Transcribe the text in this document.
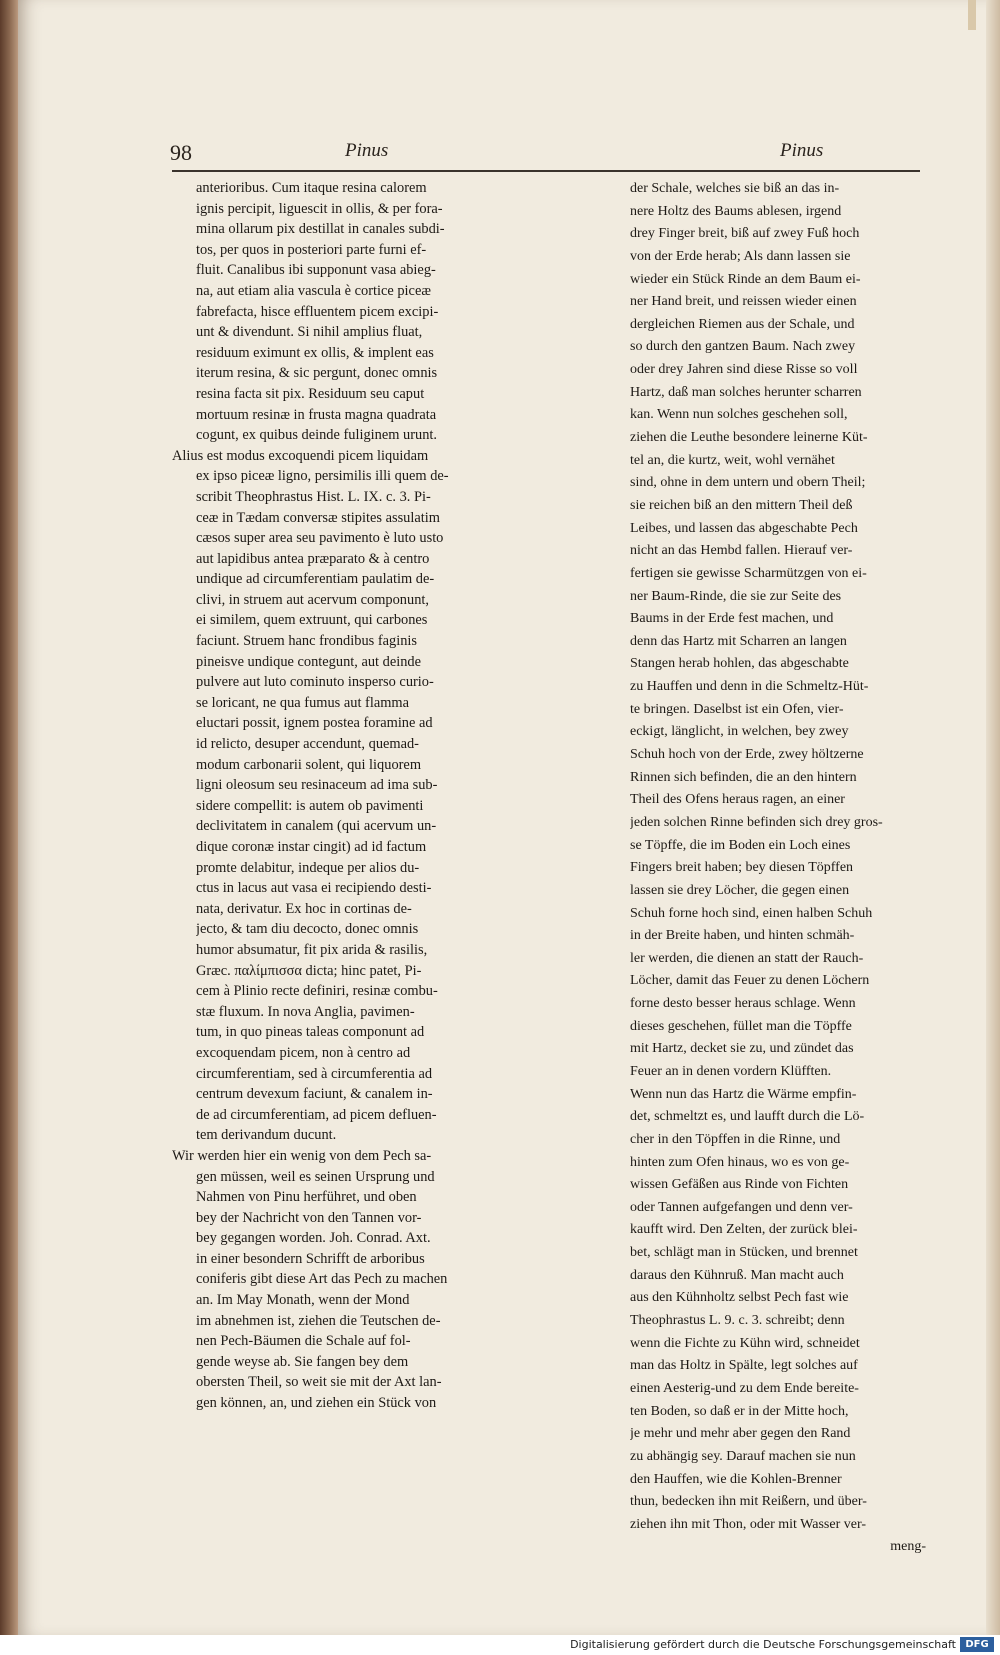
98	Pinus	Pinus
anterioribus. Cum itaque resina calorem
ignis percipit, liguescit in ollis, & per fora-
mina ollarum pix destillat in canales subdi-
tos, per quos in posteriori parte furni ef-
fluit. Canalibus ibi supponunt vasa abieg-
na, aut etiam alia vascula è cortice piceæ
fabrefacta, hisce effluentem picem excipi-
unt & divendunt. Si nihil amplius fluat,
residuum eximunt ex ollis, & implent eas
iterum resina, & sic pergunt, donec omnis
resina facta sit pix. Residuum seu caput
mortuum resinæ in frusta magna quadrata
cogunt, ex quibus deinde fuliginem urunt.
Alius est modus excoquendi picem liquidam
ex ipso piceæ ligno, persimilis illi quem de-
scribit Theophrastus Hist. L. IX. c. 3. Pi-
ceæ in Tædam conversæ stipites assulatim
cæsos super area seu pavimento è luto usto
aut lapidibus antea præparato & à centro
undique ad circumferentiam paulatim de-
clivi, in struem aut acervum componunt,
ei similem, quem extruunt, qui carbones
faciunt. Struem hanc frondibus faginis
pineisve undique contegunt, aut deinde
pulvere aut luto cominuto insperso curio-
se loricant, ne qua fumus aut flamma
eluctari possit, ignem postea foramine ad
id relicto, desuper accendunt, quemad-
modum carbonarii solent, qui liquorem
ligni oleosum seu resinaceum ad ima sub-
sidere compellit: is autem ob pavimenti
declivitatem in canalem (qui acervum un-
dique coronæ instar cingit) ad id factum
promte delabitur, indeque per alios du-
ctus in lacus aut vasa ei recipiendo desti-
nata, derivatur. Ex hoc in cortinas de-
jecto, & tam diu decocto, donec omnis
humor absumatur, fit pix arida & rasilis,
Græc. παλίμπισσα dicta; hinc patet, Pi-
cem à Plinio recte definiri, resinæ combu-
stæ fluxum. In nova Anglia, pavimen-
tum, in quo pineas taleas componunt ad
excoquendam picem, non à centro ad
circumferentiam, sed à circumferentia ad
centrum devexum faciunt, & canalem in-
de ad circumferentiam, ad picem defluen-
tem derivandum ducunt.
Wir werden hier ein wenig von dem Pech sa-
gen müssen, weil es seinen Ursprung und
Nahmen von Pinu herführet, und oben
bey der Nachricht von den Tannen vor-
bey gegangen worden. Joh. Conrad. Axt.
in einer besondern Schrifft de arboribus
coniferis gibt diese Art das Pech zu machen
an. Im May Monath, wenn der Mond
im abnehmen ist, ziehen die Teutschen de-
nen Pech-Bäumen die Schale auf fol-
gende weyse ab. Sie fangen bey dem
obersten Theil, so weit sie mit der Axt lan-
gen können, an, und ziehen ein Stück von
der Schale, welches sie biß an das in-
nere Holtz des Baums ablesen, irgend
drey Finger breit, biß auf zwey Fuß hoch
von der Erde herab; Als dann lassen sie
wieder ein Stück Rinde an dem Baum ei-
ner Hand breit, und reissen wieder einen
dergleichen Riemen aus der Schale, und
so durch den gantzen Baum. Nach zwey
oder drey Jahren sind diese Risse so voll
Hartz, daß man solches herunter scharren
kan. Wenn nun solches geschehen soll,
ziehen die Leuthe besondere leinerne Küt-
tel an, die kurtz, weit, wohl vernähet
sind, ohne in dem untern und obern Theil;
sie reichen biß an den mittern Theil deß
Leibes, und lassen das abgeschabte Pech
nicht an das Hembd fallen. Hierauf ver-
fertigen sie gewisse Scharmützgen von ei-
ner Baum-Rinde, die sie zur Seite des
Baums in der Erde fest machen, und
denn das Hartz mit Scharren an langen
Stangen herab hohlen, das abgeschabte
zu Hauffen und denn in die Schmeltz-Hüt-
te bringen. Daselbst ist ein Ofen, vier-
eckigt, länglicht, in welchen, bey zwey
Schuh hoch von der Erde, zwey höltzerne
Rinnen sich befinden, die an den hintern
Theil des Ofens heraus ragen, an einer
jeden solchen Rinne befinden sich drey gros-
se Töpffe, die im Boden ein Loch eines
Fingers breit haben; bey diesen Töpffen
lassen sie drey Löcher, die gegen einen
Schuh forne hoch sind, einen halben Schuh
in der Breite haben, und hinten schmäh-
ler werden, die dienen an statt der Rauch-
Löcher, damit das Feuer zu denen Löchern
forne desto besser heraus schlage. Wenn
dieses geschehen, füllet man die Töpffe
mit Hartz, decket sie zu, und zündet das
Feuer an in denen vordern Klüfften.
Wenn nun das Hartz die Wärme empfin-
det, schmeltzt es, und laufft durch die Lö-
cher in den Töpffen in die Rinne, und
hinten zum Ofen hinaus, wo es von ge-
wissen Gefäßen aus Rinde von Fichten
oder Tannen aufgefangen und denn ver-
kaufft wird. Den Zelten, der zurück blei-
bet, schlägt man in Stücken, und brennet
daraus den Kühnruß. Man macht auch
aus den Kühnholtz selbst Pech fast wie
Theophrastus L. 9. c. 3. schreibt; denn
wenn die Fichte zu Kühn wird, schneidet
man das Holtz in Spälte, legt solches auf
einen Aesterig-und zu dem Ende bereite-
ten Boden, so daß er in der Mitte hoch,
je mehr und mehr aber gegen den Rand
zu abhängig sey. Darauf machen sie nun
den Hauffen, wie die Kohlen-Brenner
thun, bedecken ihn mit Reißern, und über-
ziehen ihn mit Thon, oder mit Wasser ver-
meng-
Digitalisierung gefördert durch die Deutsche Forschungsgemeinschaft DFG
